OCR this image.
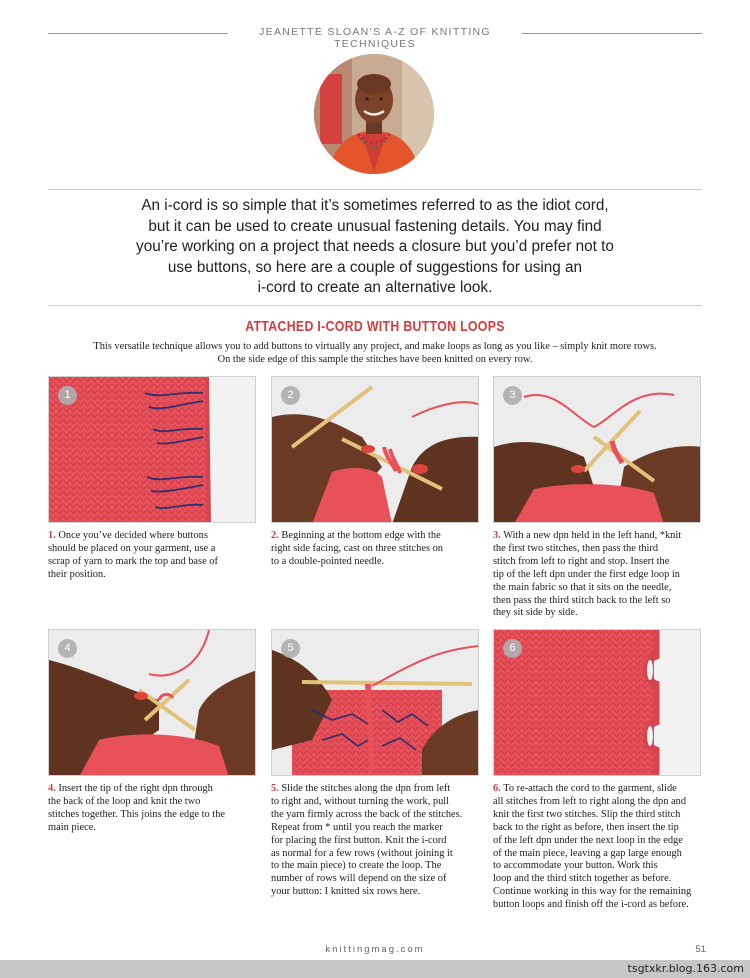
JEANETTE SLOAN’S A-Z OF KNITTING TECHNIQUES

An i-cord is so simple that it’s sometimes referred to as the idiot cord,
but it can be used to create unusual fastening details. You may find
you’re working on a project that needs a closure but you’d prefer not to
use buttons, so here are a couple of suggestions for using an
i-cord to create an alternative look.

ATTACHED I-CORD WITH BUTTON LOOPS

This versatile technique allows you to add buttons to virtually any project, and make loops as long as you like – simply knit more rows.
On the side edge of this sample the stitches have been knitted on every row.

1

1. Once you’ve decided where buttons
should be placed on your garment, use a
scrap of yarn to mark the top and base of
their position.

2

2. Beginning at the bottom edge with the
right side facing, cast on three stitches on
to a double-pointed needle.

3

3. With a new dpn held in the left hand, *knit
the first two stitches, then pass the third
stitch from left to right and stop. Insert the
tip of the left dpn under the first edge loop in
the main fabric so that it sits on the needle,
then pass the third stitch back to the left so
they sit side by side.

4

4. Insert the tip of the right dpn through
the back of the loop and knit the two
stitches together. This joins the edge to the
main piece.

5

5. Slide the stitches along the dpn from left
to right and, without turning the work, pull
the yarn firmly across the back of the stitches.
Repeat from * until you reach the marker
for placing the first button. Knit the i-cord
as normal for a few rows (without joining it
to the main piece) to create the loop. The
number of rows will depend on the size of
your button: I knitted six rows here.

6

6. To re-attach the cord to the garment, slide
all stitches from left to right along the dpn and
knit the first two stitches. Slip the third stitch
back to the right as before, then insert the tip
of the left dpn under the next loop in the edge
of the main piece, leaving a gap large enough
to accommodate your button. Work this
loop and the third stitch together as before.
Continue working in this way for the remaining
button loops and finish off the i-cord as before.

knittingmag.com	51
tsgtxkr.blog.163.com
